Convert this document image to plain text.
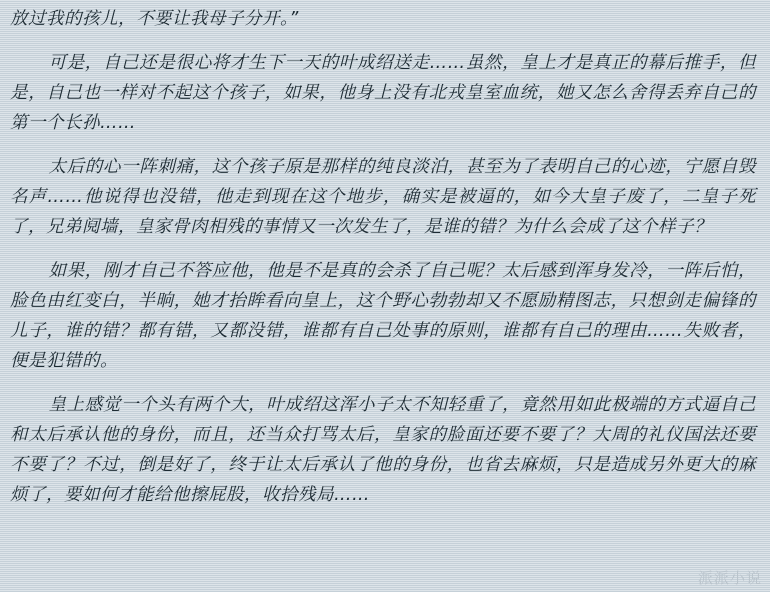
放过我的孩儿，不要让我母子分开。”

可是，自己还是很心将才生下一天的叶成绍送走……虽然，皇上才是真正的幕后推手，但是，自己也一样对不起这个孩子，如果，他身上没有北戎皇室血统，她又怎么舍得丢弃自己的第一个长孙……

太后的心一阵刺痛，这个孩子原是那样的纯良淡泊，甚至为了表明自己的心迹，宁愿自毁名声……他说得也没错，他走到现在这个地步，确实是被逼的，如今大皇子废了，二皇子死了，兄弟阋墙，皇家骨肉相残的事情又一次发生了，是谁的错？为什么会成了这个样子？

如果，刚才自己不答应他，他是不是真的会杀了自己呢？太后感到浑身发冷，一阵后怕，脸色由红变白，半晌，她才抬眸看向皇上，这个野心勃勃却又不愿励精图志，只想剑走偏锋的儿子，谁的错？都有错，又都没错，谁都有自己处事的原则，谁都有自己的理由……失败者，便是犯错的。

皇上感觉一个头有两个大，叶成绍这浑小子太不知轻重了，竟然用如此极端的方式逼自己和太后承认他的身份，而且，还当众打骂太后，皇家的脸面还要不要了？大周的礼仪国法还要不要了？不过，倒是好了，终于让太后承认了他的身份，也省去麻烦，只是造成另外更大的麻烦了，要如何才能给他擦屁股，收拾残局……

派派小说
